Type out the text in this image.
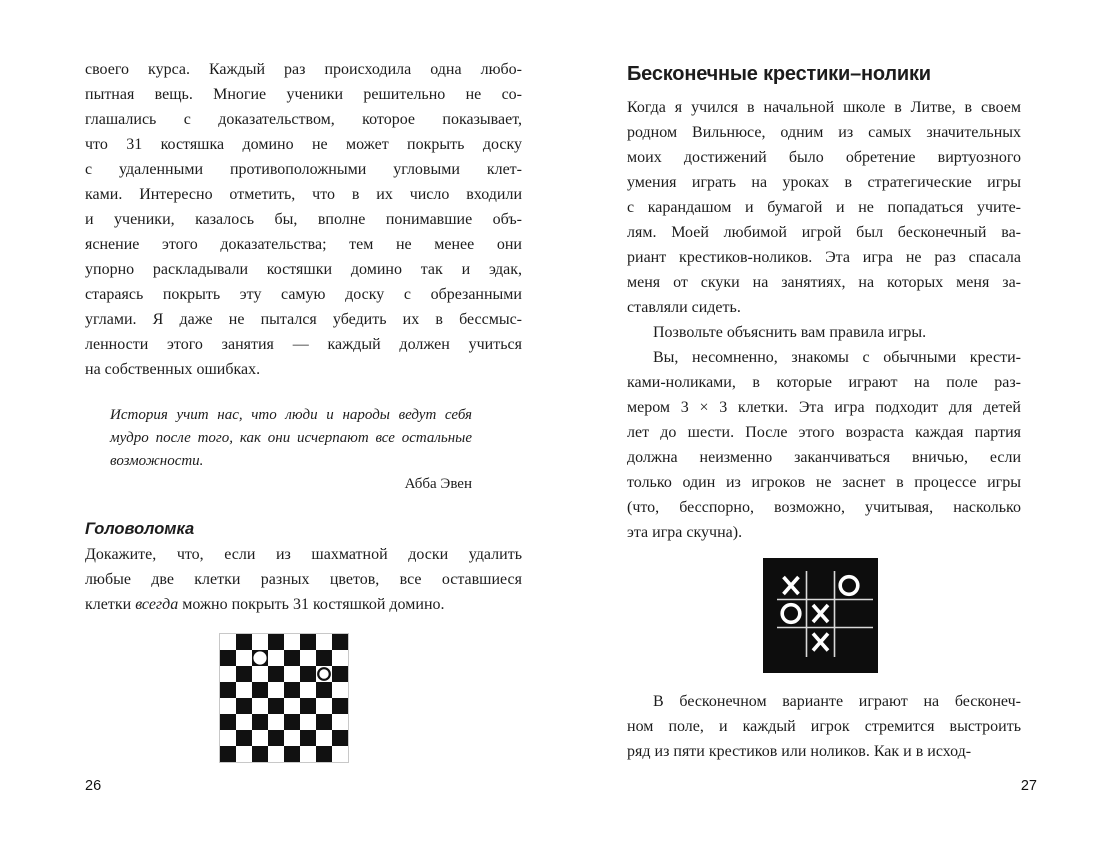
своего курса. Каждый раз происходила одна любо-
пытная вещь. Многие ученики решительно не со-
глашались с доказательством, которое показывает,
что 31 костяшка домино не может покрыть доску
с удаленными противоположными угловыми клет-
ками. Интересно отметить, что в их число входили
и ученики, казалось бы, вполне понимавшие объ-
яснение этого доказательства; тем не менее они
упорно раскладывали костяшки домино так и эдак,
стараясь покрыть эту самую доску с обрезанными
углами. Я даже не пытался убедить их в бессмыс-
ленности этого занятия — каждый должен учиться
на собственных ошибках.
История учит нас, что люди и народы ведут себя
мудро после того, как они исчерпают все остальные
возможности.
Абба Эвен
Головоломка
Докажите, что, если из шахматной доски удалить
любые две клетки разных цветов, все оставшиеся
клетки всегда можно покрыть 31 костяшкой домино.
Бесконечные крестики–нолики
Когда я учился в начальной школе в Литве, в своем
родном Вильнюсе, одним из самых значительных
моих достижений было обретение виртуозного
умения играть на уроках в стратегические игры
с карандашом и бумагой и не попадаться учите-
лям. Моей любимой игрой был бесконечный ва-
риант крестиков-ноликов. Эта игра не раз спасала
меня от скуки на занятиях, на которых меня за-
ставляли сидеть.
Позвольте объяснить вам правила игры.
Вы, несомненно, знакомы с обычными крести-
ками-ноликами, в которые играют на поле раз-
мером 3 × 3 клетки. Эта игра подходит для детей
лет до шести. После этого возраста каждая партия
должна неизменно заканчиваться вничью, если
только один из игроков не заснет в процессе игры
(что, бесспорно, возможно, учитывая, насколько
эта игра скучна).
В бесконечном варианте играют на бесконеч-
ном поле, и каждый игрок стремится выстроить
ряд из пяти крестиков или ноликов. Как и в исход-
26	27
